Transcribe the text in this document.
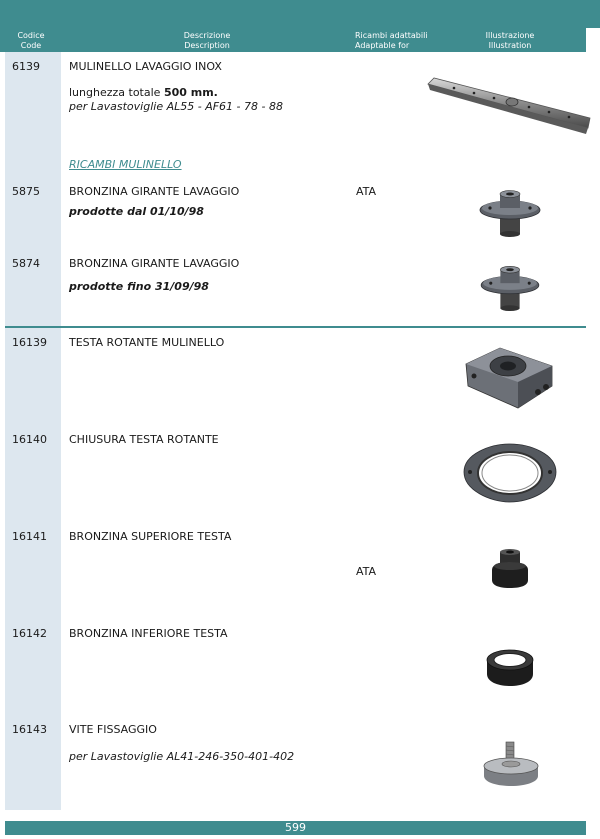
Codice
Code
Descrizione
Description
Ricambi adattabili
Adaptable for
Illustrazione
Illustration
6139	MULINELLO LAVAGGIO INOX
lunghezza totale 500 mm.
per Lavastoviglie AL55 - AF61 - 78 - 88
RICAMBI MULINELLO
5875	BRONZINA GIRANTE LAVAGGIO
prodotte dal 01/10/98
ATA
5874	BRONZINA GIRANTE LAVAGGIO
prodotte fino 31/09/98
16139 TESTA ROTANTE MULINELLO
16140 CHIUSURA TESTA ROTANTE
16141 BRONZINA SUPERIORE TESTA
ATA
16142 BRONZINA INFERIORE TESTA
16143 VITE FISSAGGIO
per Lavastoviglie AL41-246-350-401-402
599
